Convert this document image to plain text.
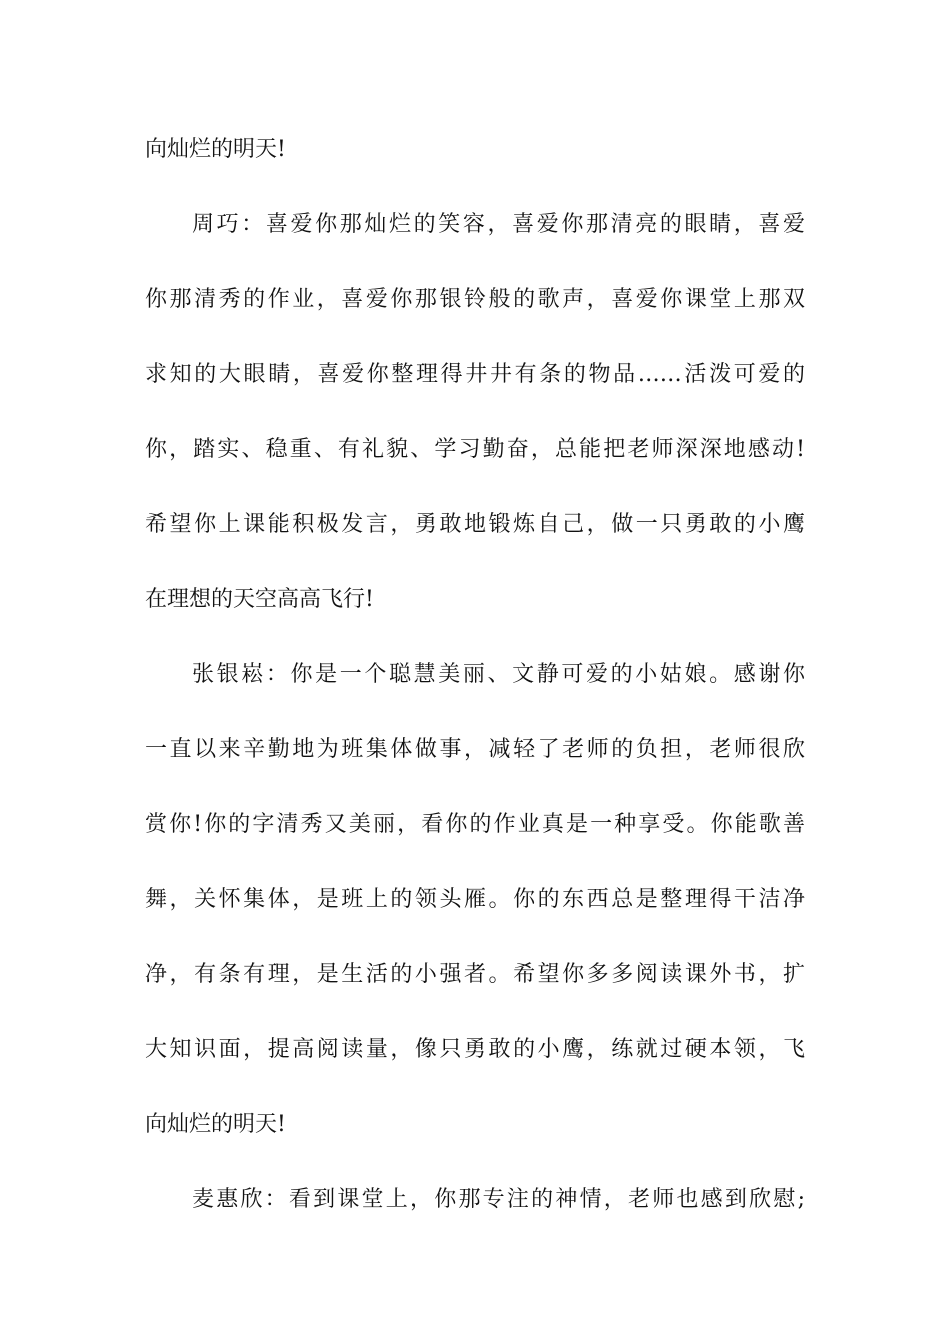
向灿烂的明天!
周巧：喜爱你那灿烂的笑容，喜爱你那清亮的眼睛，喜爱
你那清秀的作业，喜爱你那银铃般的歌声，喜爱你课堂上那双
求知的大眼睛，喜爱你整理得井井有条的物品……活泼可爱的
你，踏实、稳重、有礼貌、学习勤奋，总能把老师深深地感动!
希望你上课能积极发言，勇敢地锻炼自己，做一只勇敢的小鹰
在理想的天空高高飞行!
张银崧：你是一个聪慧美丽、文静可爱的小姑娘。感谢你
一直以来辛勤地为班集体做事，减轻了老师的负担，老师很欣
赏你!你的字清秀又美丽，看你的作业真是一种享受。你能歌善
舞，关怀集体，是班上的领头雁。你的东西总是整理得干洁净
净，有条有理，是生活的小强者。希望你多多阅读课外书，扩
大知识面，提高阅读量，像只勇敢的小鹰，练就过硬本领，飞
向灿烂的明天!
麦惠欣：看到课堂上，你那专注的神情，老师也感到欣慰;
